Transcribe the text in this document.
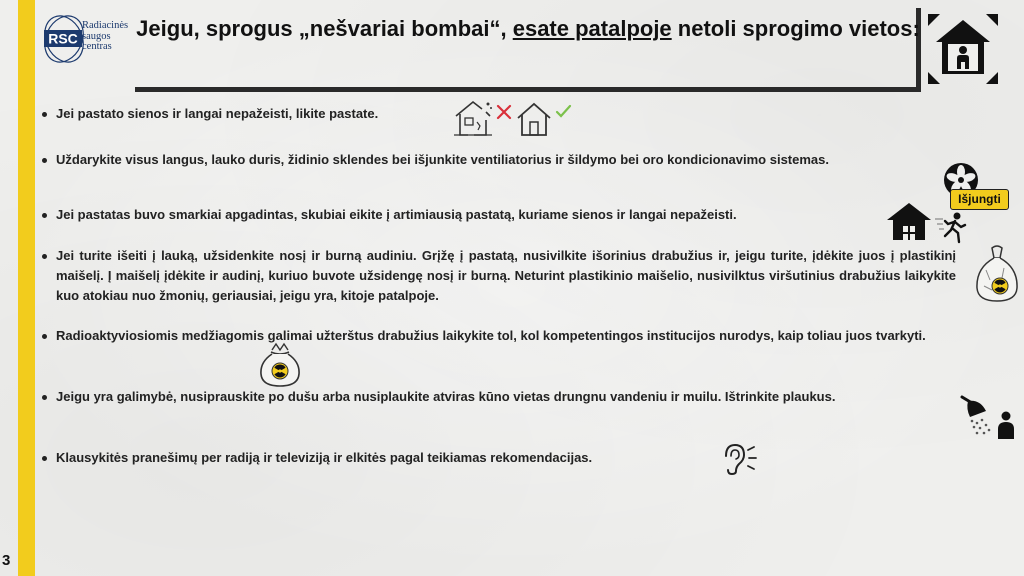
3
RSC
Radiacinės
saugos
centras
Jeigu, sprogus „nešvariai bombai“, esate patalpoje netoli sprogimo vietos:
Jei pastato sienos ir langai nepažeisti, likite pastate.
Uždarykite visus langus, lauko duris, židinio sklendes bei išjunkite ventiliatorius ir šildymo bei oro kondicionavimo sistemas.
Jei pastatas buvo smarkiai apgadintas, skubiai eikite į artimiausią pastatą, kuriame sienos ir langai nepažeisti.
Jei turite išeiti į lauką, užsidenkite nosį ir burną audiniu. Grįžę į pastatą, nusivilkite išorinius drabužius ir, jeigu turite, įdėkite juos į plastikinį maišelį. Į maišelį įdėkite ir audinį, kuriuo buvote užsidengę nosį ir burną. Neturint plastikinio maišelio, nusivilktus viršutinius drabužius laikykite kuo atokiau nuo žmonių, geriausiai, jeigu yra, kitoje patalpoje.
Radioaktyviosiomis medžiagomis galimai užterštus drabužius laikykite tol, kol kompetentingos institucijos nurodys, kaip toliau juos tvarkyti.
Jeigu yra galimybė, nusiprauskite po dušu arba nusiplaukite atviras kūno vietas drungnu vandeniu ir muilu. Ištrinkite plaukus.
Klausykitės pranešimų per radiją ir televiziją ir elkitės pagal teikiamas rekomendacijas.
Išjungti
